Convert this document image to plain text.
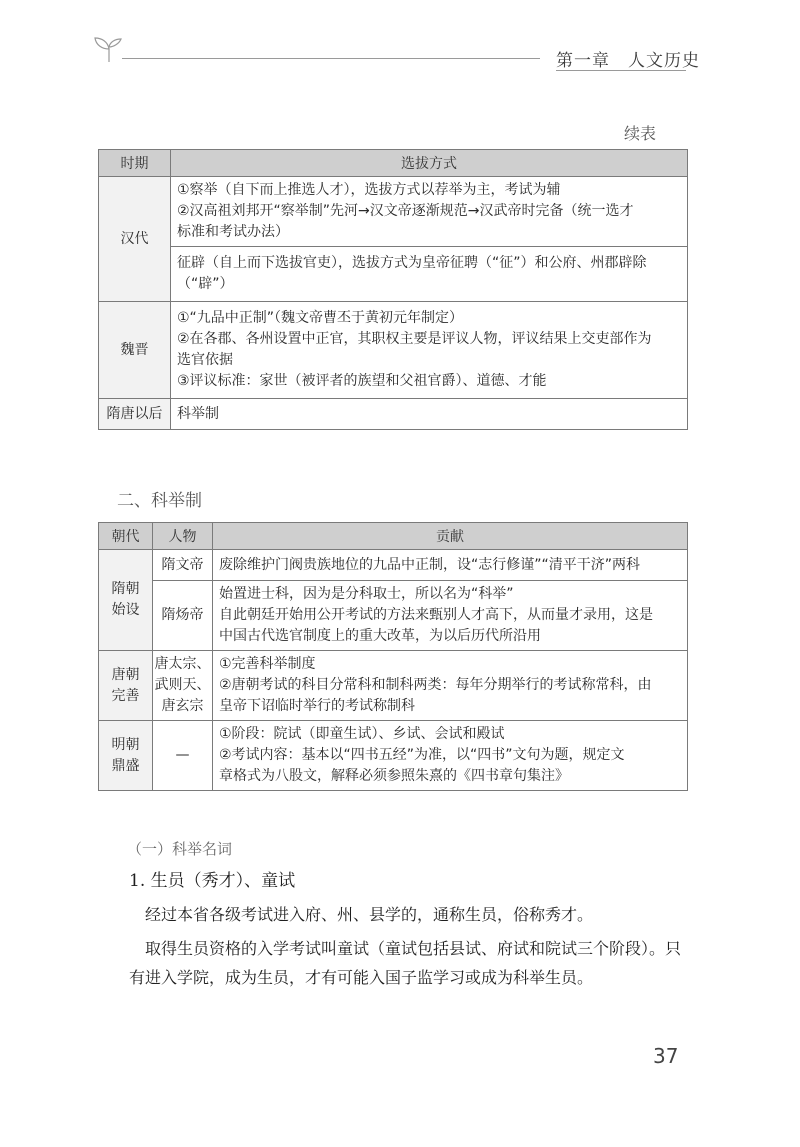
第一章　人文历史
续表
时期	选拔方式
汉代	①察举（自下而上推选人才），选拔方式以荐举为主，考试为辅
②汉高祖刘邦开“察举制”先河→汉文帝逐渐规范→汉武帝时完备（统一选才
标准和考试办法）

	征辟（自上而下选拔官吏），选拔方式为皇帝征聘（“征”）和公府、州郡辟除
（“辟”）

魏晋	①“九品中正制”（魏文帝曹丕于黄初元年制定）
②在各郡、各州设置中正官，其职权主要是评议人物，评议结果上交吏部作为
选官依据
③评议标准：家世（被评者的族望和父祖官爵）、道德、才能

隋唐以后	科举制
二、科举制
朝代	人物	贡献

隋朝
始设	隋文帝	废除维护门阀贵族地位的九品中正制，设“志行修谨”“清平干济”两科
	隋炀帝	始置进士科，因为是分科取士，所以名为“科举”
自此朝廷开始用公开考试的方法来甄别人才高下，从而量才录用，这是
中国古代选官制度上的重大改革，为以后历代所沿用

唐朝
完善	唐太宗、
武则天、
唐玄宗	①完善科举制度
②唐朝考试的科目分常科和制科两类：每年分期举行的考试称常科，由
皇帝下诏临时举行的考试称制科

明朝
鼎盛	—	①阶段：院试（即童生试）、乡试、会试和殿试
②考试内容：基本以“四书五经”为准，以“四书”文句为题，规定文
章格式为八股文，解释必须参照朱熹的《四书章句集注》
（一）科举名词
1. 生员（秀才）、童试
经过本省各级考试进入府、州、县学的，通称生员，俗称秀才。
取得生员资格的入学考试叫童试（童试包括县试、府试和院试三个阶段）。只有进入学院，成为生员，才有可能入国子监学习或成为科举生员。
37
